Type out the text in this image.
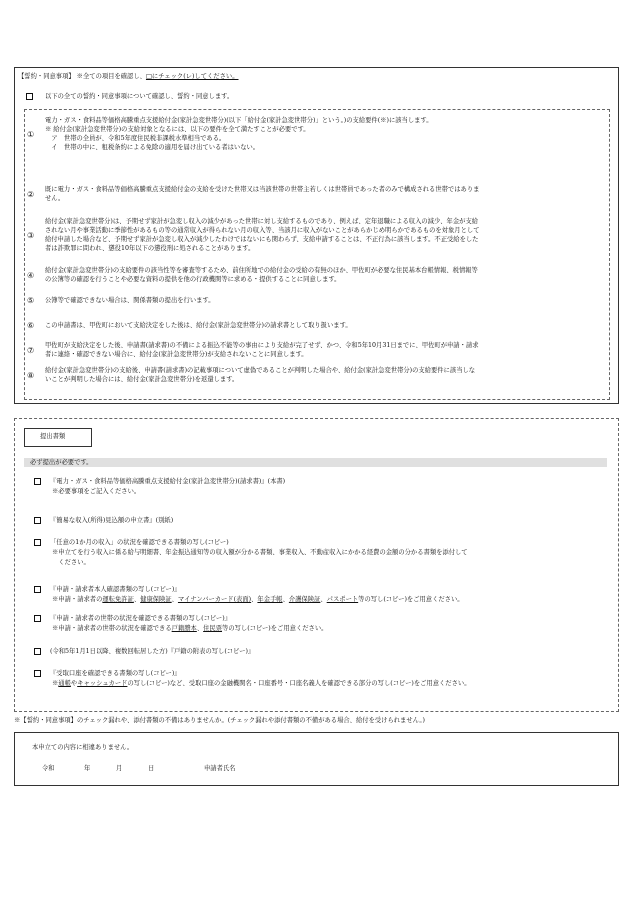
【誓約・同意事項】 ※全ての項目を確認し、□にチェック(レ)してください。
以下の全ての誓約・同意事項について確認し、誓約・同意します。
①
電力・ガス・食料品等価格高騰重点支援給付金(家計急変世帯分)(以下「給付金(家計急変世帯分)」という。)の支給要件(※)に該当します。
※ 給付金(家計急変世帯分)の支給対象となるには、以下の要件を全て満たすことが必要です。
　ア　世帯の全員が、令和5年度住民税非課税水準相当である。
　イ　世帯の中に、租税条約による免除の適用を届け出ている者はいない。
② 既に電力・ガス・食料品等価格高騰重点支援給付金の支給を受けた世帯又は当該世帯の世帯主若しくは世帯員であった者のみで構成される世帯ではありま
せん。
③
給付金(家計急変世帯分)は、予期せず家計が急変し収入の減少があった世帯に対し支給するものであり、例えば、定年退職による収入の減少、年金が支給
されない月や事業活動に季節性があるもの等の通常収入が得られない月の収入等、当該月に収入がないことがあらかじめ明らかであるものを対象月として
給付申請した場合など、予期せず家計が急変し収入が減少したわけではないにも関わらず、支給申請することは、不正行為に該当します。不正受給をした
者は詐欺罪に問われ、懲役10年以下の懲役刑に処されることがあります。
④ 給付金(家計急変世帯分)の支給要件の該当性等を審査等するため、前住所地での給付金の受給の有無のほか、甲佐町が必要な住民基本台帳情報、税情報等
の公簿等の確認を行うことや必要な資料の提供を他の行政機関等に求める・提供することに同意します。
⑤ 公簿等で確認できない場合は、関係書類の提出を行います。
⑥ この申請書は、甲佐町において支給決定をした後は、給付金(家計急変世帯分)の請求書として取り扱います。
⑦ 甲佐町が支給決定をした後、申請書(請求書)の不備による振込不能等の事由により支給が完了せず、かつ、令和5年10月31日までに、甲佐町が申請・請求
者に連絡・確認できない場合に、給付金(家計急変世帯分)が支給されないことに同意します。
⑧ 給付金(家計急変世帯分)の支給後、申請書(請求書)の記載事項について虚偽であることが判明した場合や、給付金(家計急変世帯分)の支給要件に該当しな
いことが判明した場合には、給付金(家計急変世帯分)を返還します。
提出書類
必ず提出が必要です。
『電力・ガス・食料品等価格高騰重点支援給付金(家計急変世帯分)(請求書)』(本書)
※必要事項をご記入ください。
『簡易な収入(所得)見込額の申立書』(別紙)
「任意の1か月の収入」の状況を確認できる書類の写し(コピー)
※申立てを行う収入に係る給与明細書、年金振込通知等の収入額が分かる書類、事業収入、不動産収入にかかる経費の金額の分かる書類を添付して
　ください。
『申請・請求者本人確認書類の写し(コピー)』
※申請・請求者の運転免許証、健康保険証、マイナンバーカード(表面)、年金手帳、介護保険証、パスポート等の写し(コピー)をご用意ください。
『申請・請求者の世帯の状況を確認できる書類の写し(コピー)』
※申請・請求者の世帯の状況を確認できる戸籍謄本、住民票等の写し(コピー)をご用意ください。
(令和5年1月1日以降、複数回転居した方)『戸籍の附表の写し(コピー)』
『受取口座を確認できる書類の写し(コピー)』
※通帳やキャッシュカードの写し(コピー)など、受取口座の金融機関名・口座番号・口座名義人を確認できる部分の写し(コピー)をご用意ください。
※【誓約・同意事項】のチェック漏れや、添付書類の不備はありませんか。(チェック漏れや添付書類の不備がある場合、給付を受けられません。)
本申立ての内容に相違ありません。
令和	年	月	日	申請者氏名
